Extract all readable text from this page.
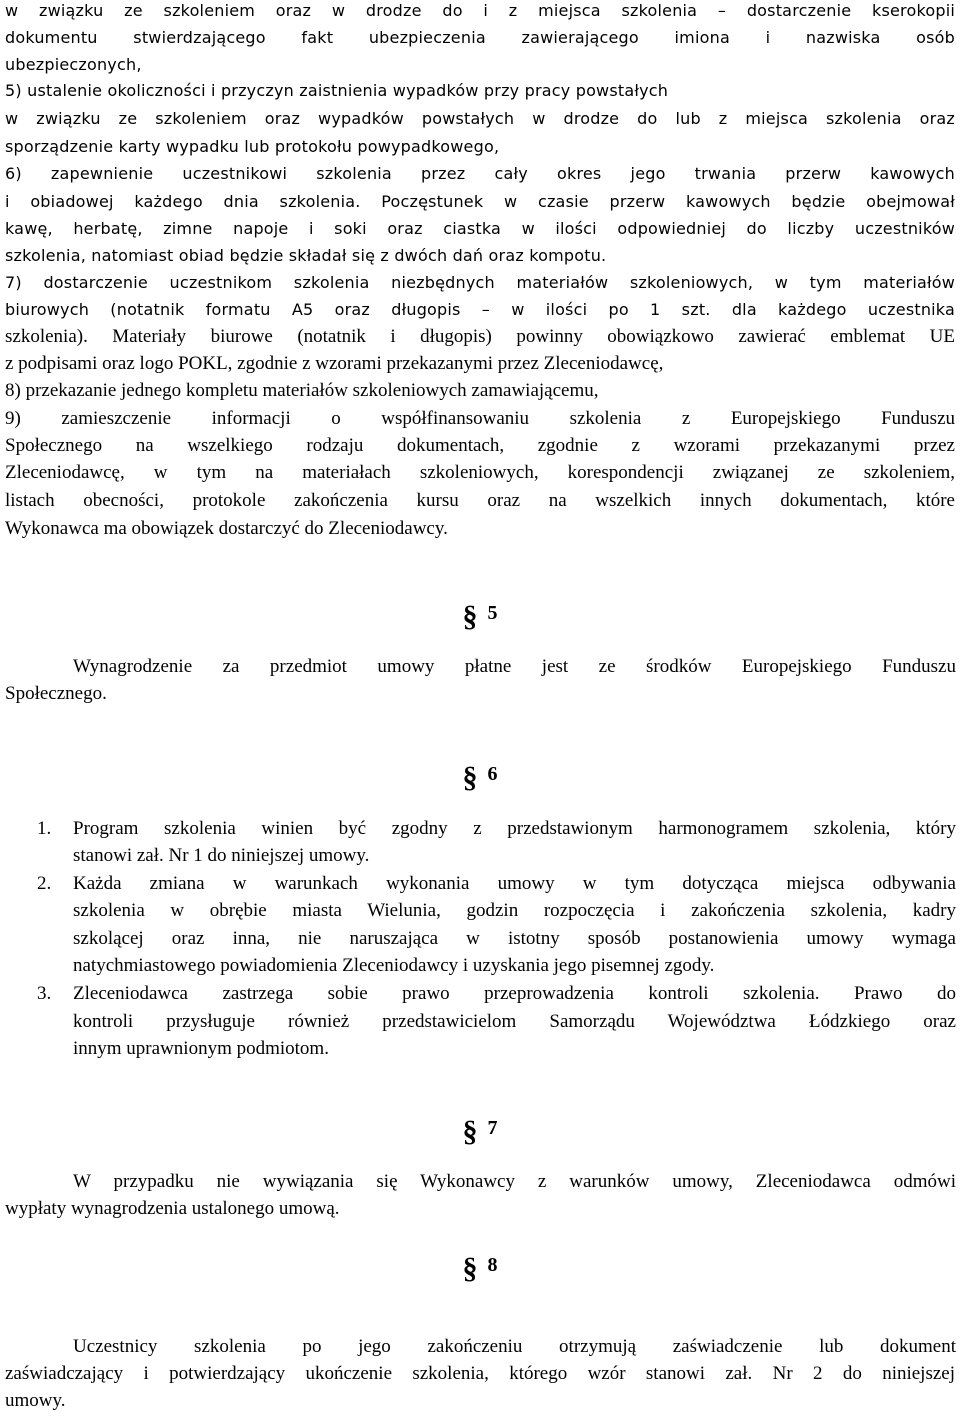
w związku ze szkoleniem oraz w drodze do i z miejsca szkolenia – dostarczenie kserokopii

dokumentu stwierdzającego fakt ubezpieczenia zawierającego imiona i nazwiska osób

ubezpieczonych,

5) ustalenie okoliczności i przyczyn zaistnienia wypadków przy pracy powstałych

w związku ze szkoleniem oraz wypadków powstałych w drodze do lub z miejsca szkolenia oraz

sporządzenie karty wypadku lub protokołu powypadkowego,

6) zapewnienie uczestnikowi szkolenia przez cały okres jego trwania przerw kawowych

i obiadowej każdego dnia szkolenia. Poczęstunek w czasie przerw kawowych będzie obejmował

kawę, herbatę, zimne napoje i soki oraz ciastka w ilości odpowiedniej do liczby uczestników

szkolenia, natomiast obiad będzie składał się z dwóch dań oraz kompotu.

7) dostarczenie uczestnikom szkolenia niezbędnych materiałów szkoleniowych, w tym materiałów

biurowych (notatnik formatu A5 oraz długopis – w ilości po 1 szt. dla każdego uczestnika

szkolenia). Materiały biurowe (notatnik i długopis) powinny obowiązkowo zawierać emblemat UE

z podpisami oraz logo POKL, zgodnie z wzorami przekazanymi przez Zleceniodawcę,

8) przekazanie jednego kompletu materiałów szkoleniowych zamawiającemu,

9) zamieszczenie informacji o współfinansowaniu szkolenia z Europejskiego Funduszu

Społecznego na wszelkiego rodzaju dokumentach, zgodnie z wzorami przekazanymi przez

Zleceniodawcę, w tym na materiałach szkoleniowych, korespondencji związanej ze szkoleniem,

listach obecności, protokole zakończenia kursu oraz na wszelkich innych dokumentach, które

Wykonawca ma obowiązek dostarczyć do Zleceniodawcy.

§ 5

Wynagrodzenie za przedmiot umowy płatne jest ze środków Europejskiego Funduszu

Społecznego.

§ 6

1. Program szkolenia winien być zgodny z przedstawionym harmonogramem szkolenia, który

stanowi zał. Nr 1 do niniejszej umowy.

2. Każda zmiana w warunkach wykonania umowy w tym dotycząca miejsca odbywania

szkolenia w obrębie miasta Wielunia, godzin rozpoczęcia i zakończenia szkolenia, kadry

szkolącej oraz inna, nie naruszająca w istotny sposób postanowienia umowy wymaga

natychmiastowego powiadomienia Zleceniodawcy i uzyskania jego pisemnej zgody.

3. Zleceniodawca zastrzega sobie prawo przeprowadzenia kontroli szkolenia. Prawo do

kontroli przysługuje również przedstawicielom Samorządu Województwa Łódzkiego oraz

innym uprawnionym podmiotom.

§ 7

W przypadku nie wywiązania się Wykonawcy z warunków umowy, Zleceniodawca odmówi

wypłaty wynagrodzenia ustalonego umową.

§ 8

Uczestnicy szkolenia po jego zakończeniu otrzymują zaświadczenie lub dokument

zaświadczający i potwierdzający ukończenie szkolenia, którego wzór stanowi zał. Nr 2 do niniejszej

umowy.
